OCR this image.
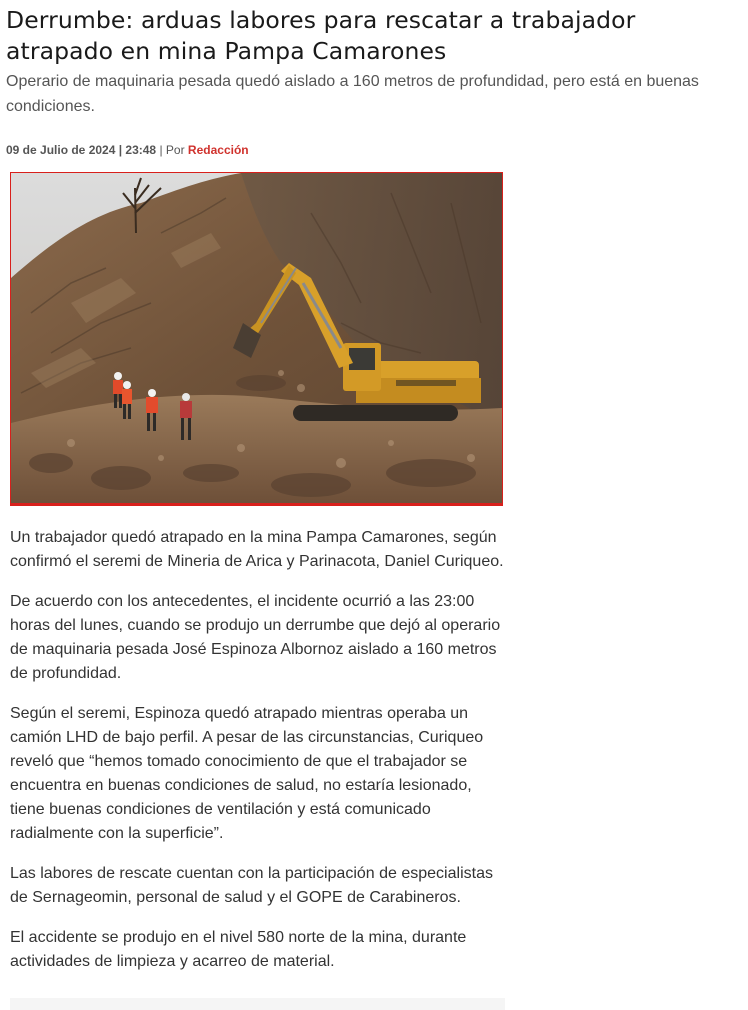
Derrumbe: arduas labores para rescatar a trabajador atrapado en mina Pampa Camarones

Operario de maquinaria pesada quedó aislado a 160 metros de profundidad, pero está en buenas condiciones.

09 de Julio de 2024 | 23:48 | Por Redacción

Un trabajador quedó atrapado en la mina Pampa Camarones, según confirmó el seremi de Mineria de Arica y Parinacota, Daniel Curiqueo.

De acuerdo con los antecedentes, el incidente ocurrió a las 23:00 horas del lunes, cuando se produjo un derrumbe que dejó al operario de maquinaria pesada José Espinoza Albornoz aislado a 160 metros de profundidad.

Según el seremi, Espinoza quedó atrapado mientras operaba un camión LHD de bajo perfil. A pesar de las circunstancias, Curiqueo reveló que “hemos tomado conocimiento de que el trabajador se encuentra en buenas condiciones de salud, no estaría lesionado, tiene buenas condiciones de ventilación y está comunicado radialmente con la superficie”.

Las labores de rescate cuentan con la participación de especialistas de Sernageomin, personal de salud y el GOPE de Carabineros.

El accidente se produjo en el nivel 580 norte de la mina, durante actividades de limpieza y acarreo de material.
